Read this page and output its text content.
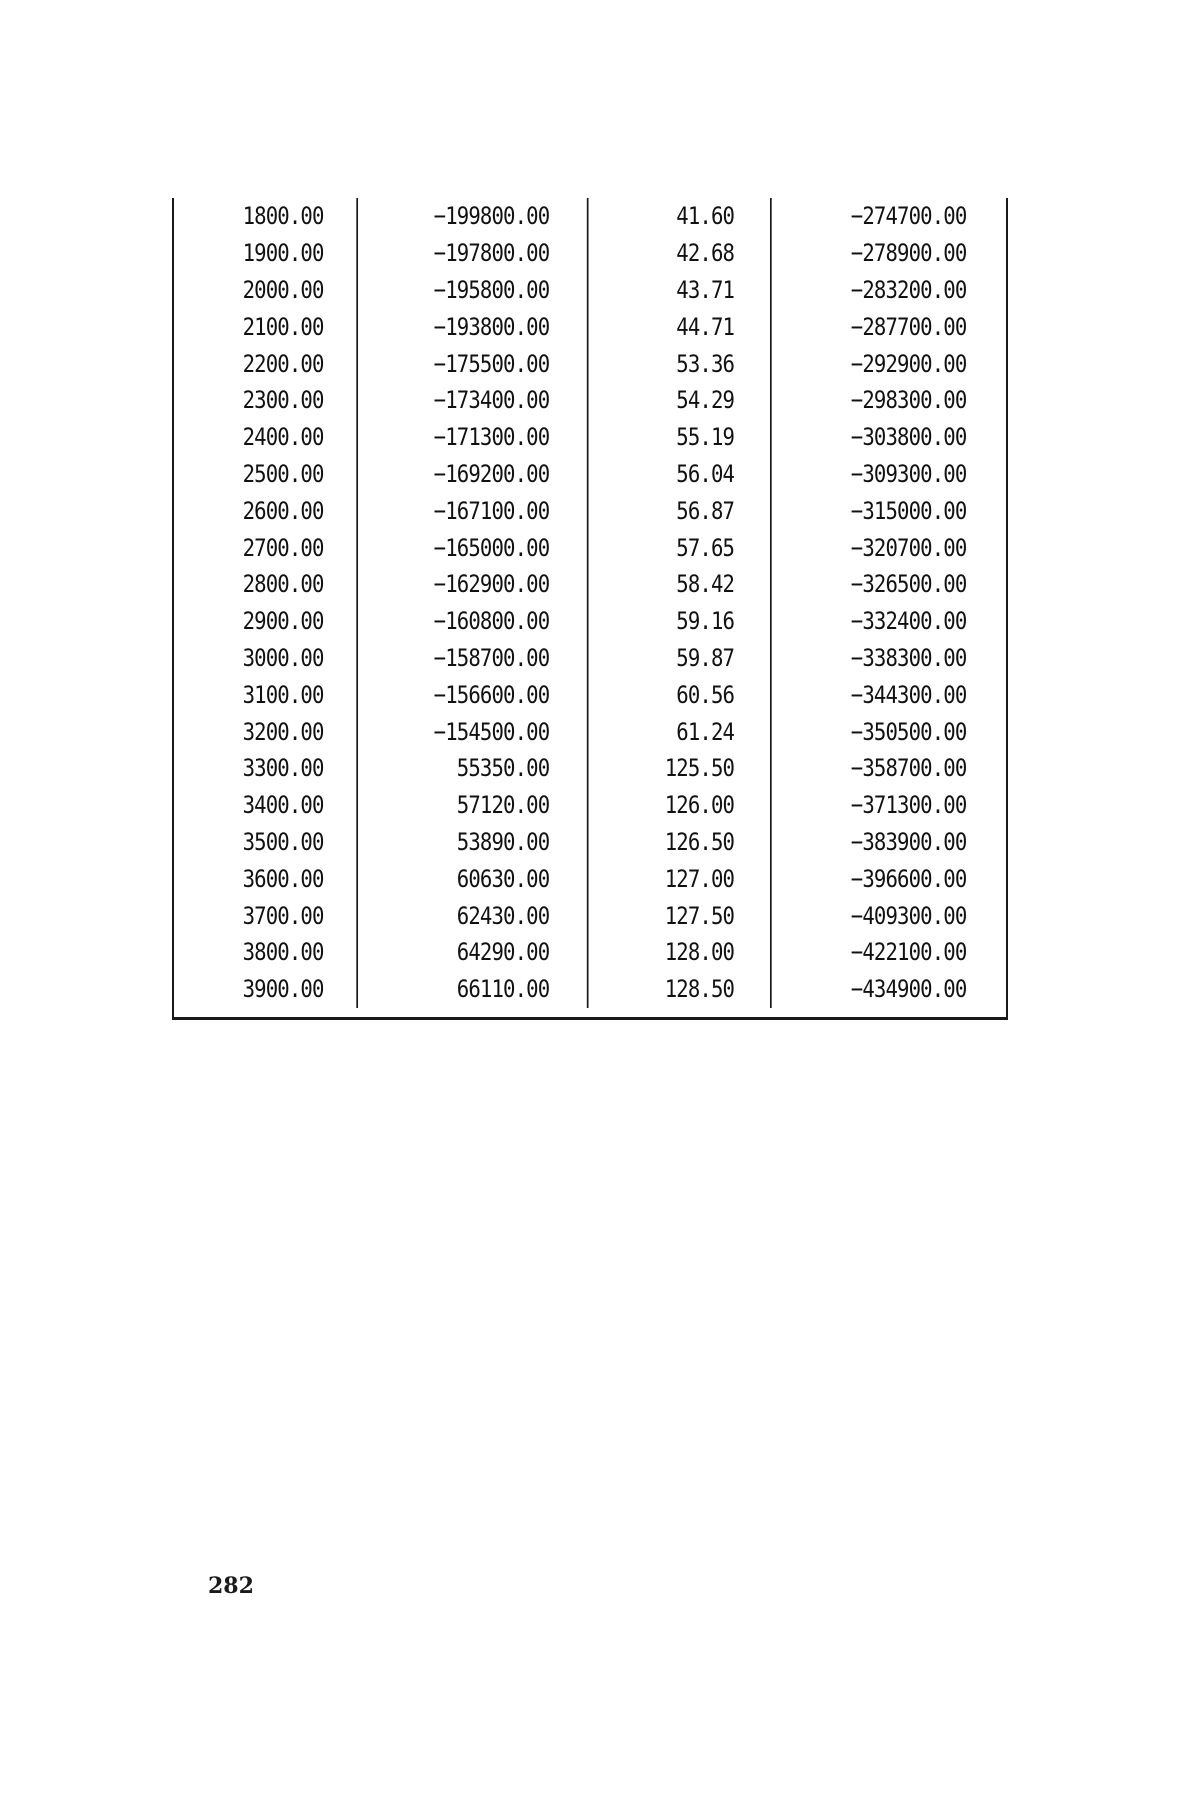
1800.00	−199800.00	41.60	−274700.00
1900.00	−197800.00	42.68	−278900.00
2000.00	−195800.00	43.71	−283200.00
2100.00	−193800.00	44.71	−287700.00
2200.00	−175500.00	53.36	−292900.00
2300.00	−173400.00	54.29	−298300.00
2400.00	−171300.00	55.19	−303800.00
2500.00	−169200.00	56.04	−309300.00
2600.00	−167100.00	56.87	−315000.00
2700.00	−165000.00	57.65	−320700.00
2800.00	−162900.00	58.42	−326500.00
2900.00	−160800.00	59.16	−332400.00
3000.00	−158700.00	59.87	−338300.00
3100.00	−156600.00	60.56	−344300.00
3200.00	−154500.00	61.24	−350500.00
3300.00	55350.00	125.50	−358700.00
3400.00	57120.00	126.00	−371300.00
3500.00	53890.00	126.50	−383900.00
3600.00	60630.00	127.00	−396600.00
3700.00	62430.00	127.50	−409300.00
3800.00	64290.00	128.00	−422100.00
3900.00	66110.00	128.50	−434900.00
282
